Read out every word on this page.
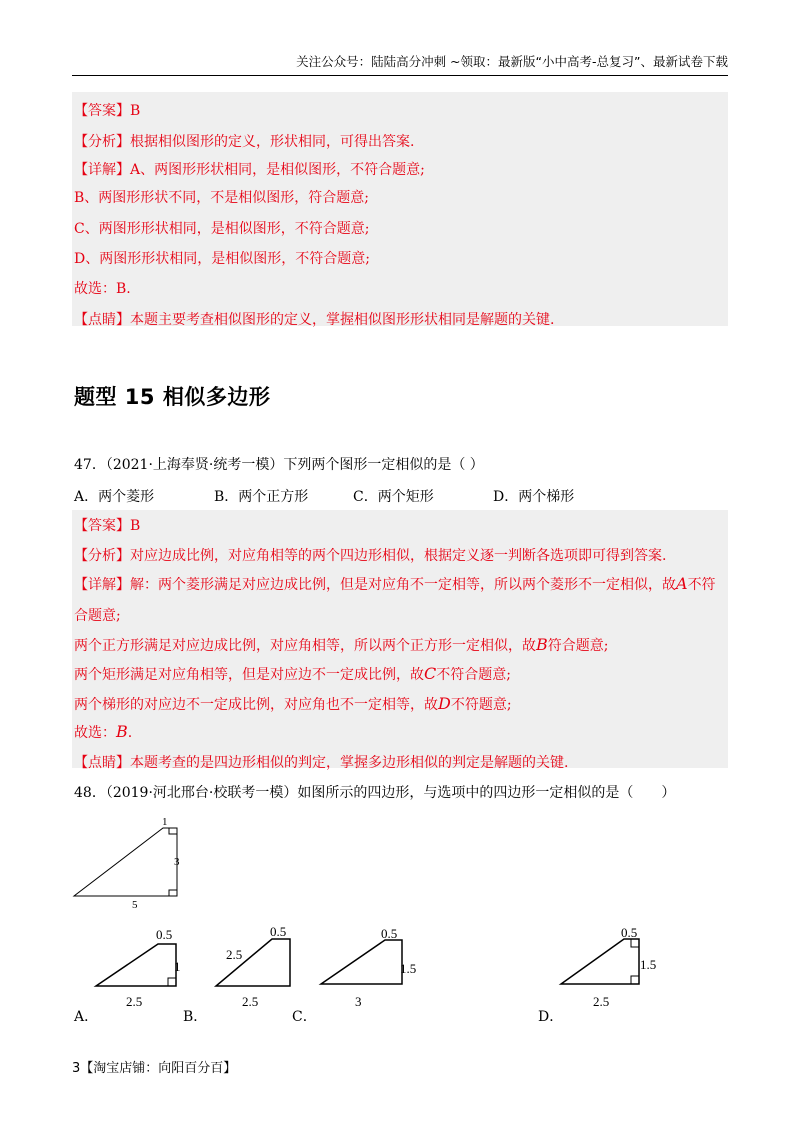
关注公众号：陆陆高分冲刺 ~领取：最新版“小中高考-总复习”、最新试卷下载
【答案】B
【分析】根据相似图形的定义，形状相同，可得出答案.
【详解】A、两图形形状相同，是相似图形，不符合题意;
B、两图形形状不同，不是相似图形，符合题意;
C、两图形形状相同，是相似图形，不符合题意;
D、两图形形状相同，是相似图形，不符合题意;
故选：B.
【点睛】本题主要考查相似图形的定义，掌握相似图形形状相同是解题的关键.
题型 15 相似多边形
47．（2021·上海奉贤·统考一模）下列两个图形一定相似的是（ ）
A．两个菱形	B．两个正方形	C．两个矩形	D．两个梯形
【答案】B
【分析】对应边成比例，对应角相等的两个四边形相似，根据定义逐一判断各选项即可得到答案.
【详解】解：两个菱形满足对应边成比例，但是对应角不一定相等，所以两个菱形不一定相似，故A不符
合题意;
两个正方形满足对应边成比例，对应角相等，所以两个正方形一定相似，故B符合题意;
两个矩形满足对应角相等，但是对应边不一定成比例，故C不符合题意;
两个梯形的对应边不一定成比例，对应角也不一定相等，故D不符题意;
故选：B.
【点睛】本题考查的是四边形相似的判定，掌握多边形相似的判定是解题的关键.
48．（2019·河北邢台·校联考一模）如图所示的四边形，与选项中的四边形一定相似的是（　　）
1
3
5
0.5
1
2.5
0.5
2.5
2.5
0.5
1.5
3
0.5
1.5
2.5
A．	B．	C．	D．
3【淘宝店铺：向阳百分百】
